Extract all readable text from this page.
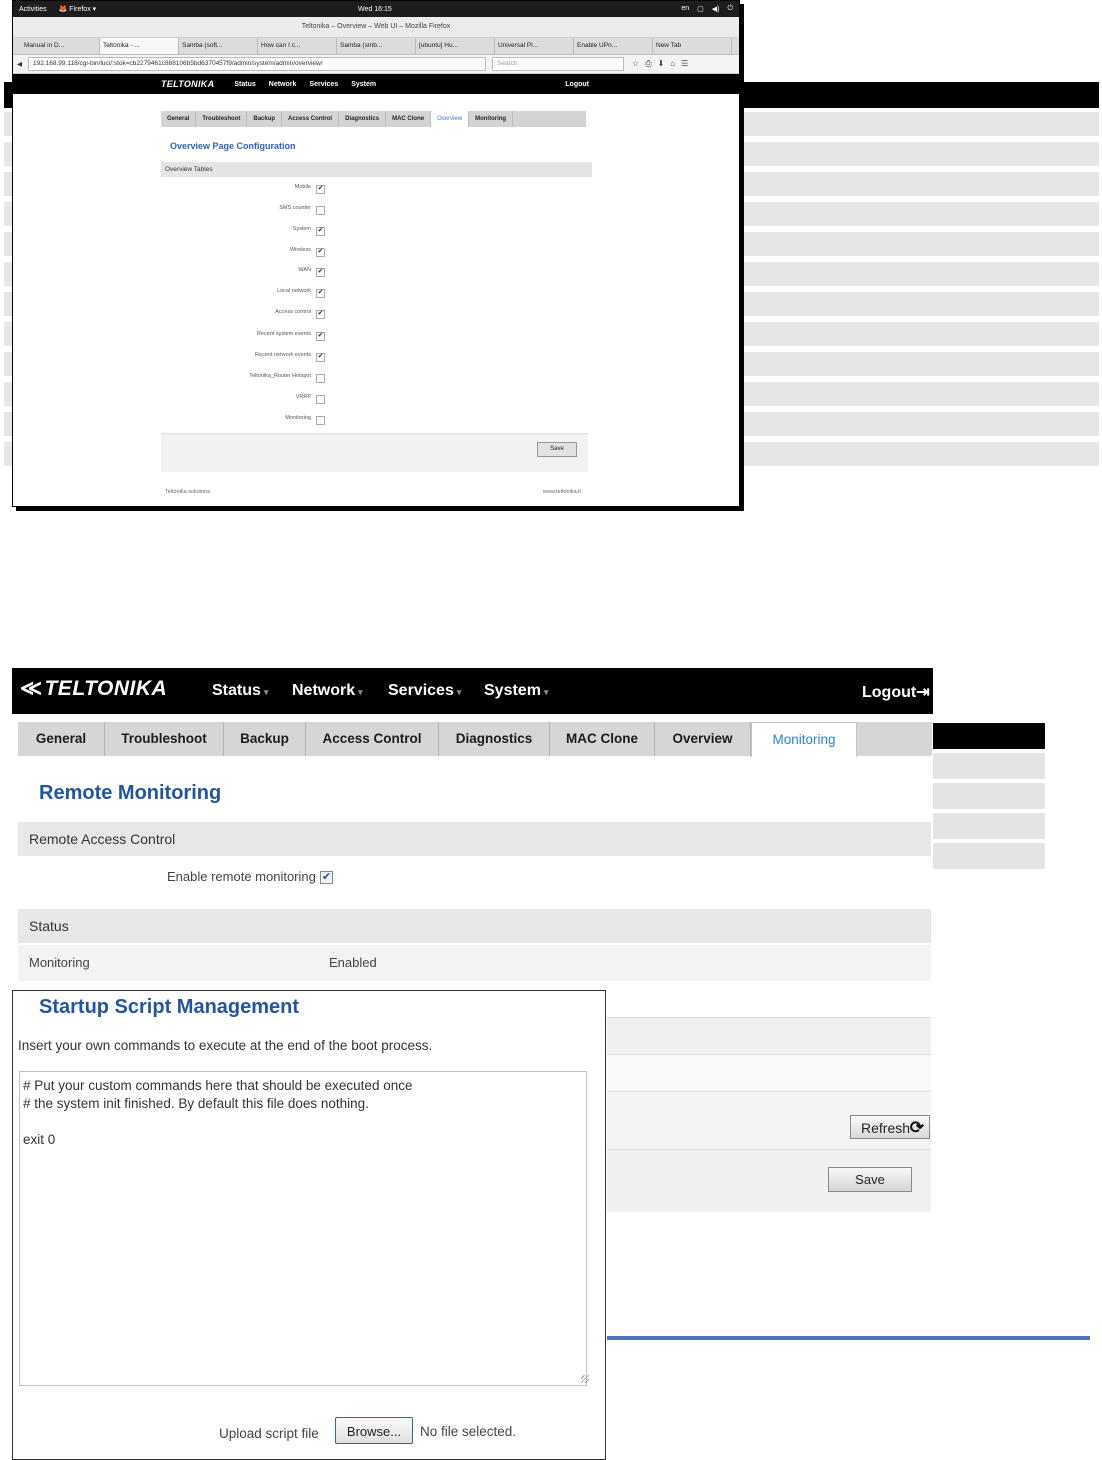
Activities 🦊 Firefox ▾	Wed 16:15	en ▢ ◀) ⏻
Teltonika – Overview – Web UI – Mozilla Firefox
Manual in D...	Teltonika - ...	Samba (soft...	How can I c...	Samba (smb...	[ubuntu] Hu...	Universal Pl...	Enable UPn...	New Tab
◀	192.168.99.118/cgi-bin/luci/;stok=cb2279461c8b8106b5bd6370457f9/admin/system/admin/overview/	Search	☆⎙⬇⌂☰
TELTONIKA	Status Network Services System	Logout
General	Troubleshoot	Backup	Access Control	Diagnostics	MAC Clone	Overview	Monitoring
Overview Page Configuration
Overview Tables
Mobile ✔
SMS counter
System ✔
Wireless ✔
WAN ✔
Local network ✔
Access control ✔
Recent system events ✔
Recent network events ✔
Teltonika_Router Hotspot
VRRP
Monitoring
Save
Teltonika solutions	www.teltonika.lt
≪TELTONIKA	Status ▾ Network ▾ Services ▾ System ▾	Logout⇥
General	Troubleshoot	Backup	Access Control	Diagnostics	MAC Clone	Overview	Monitoring
Remote Monitoring
Remote Access Control
Enable remote monitoring ✔
Status
Monitoring	Enabled
Refresh ⟳
Save
Startup Script Management
Insert your own commands to execute at the end of the boot process.
# Put your custom commands here that should be executed once
# the system init finished. By default this file does nothing.

exit 0
Upload script file	Browse...	No file selected.
